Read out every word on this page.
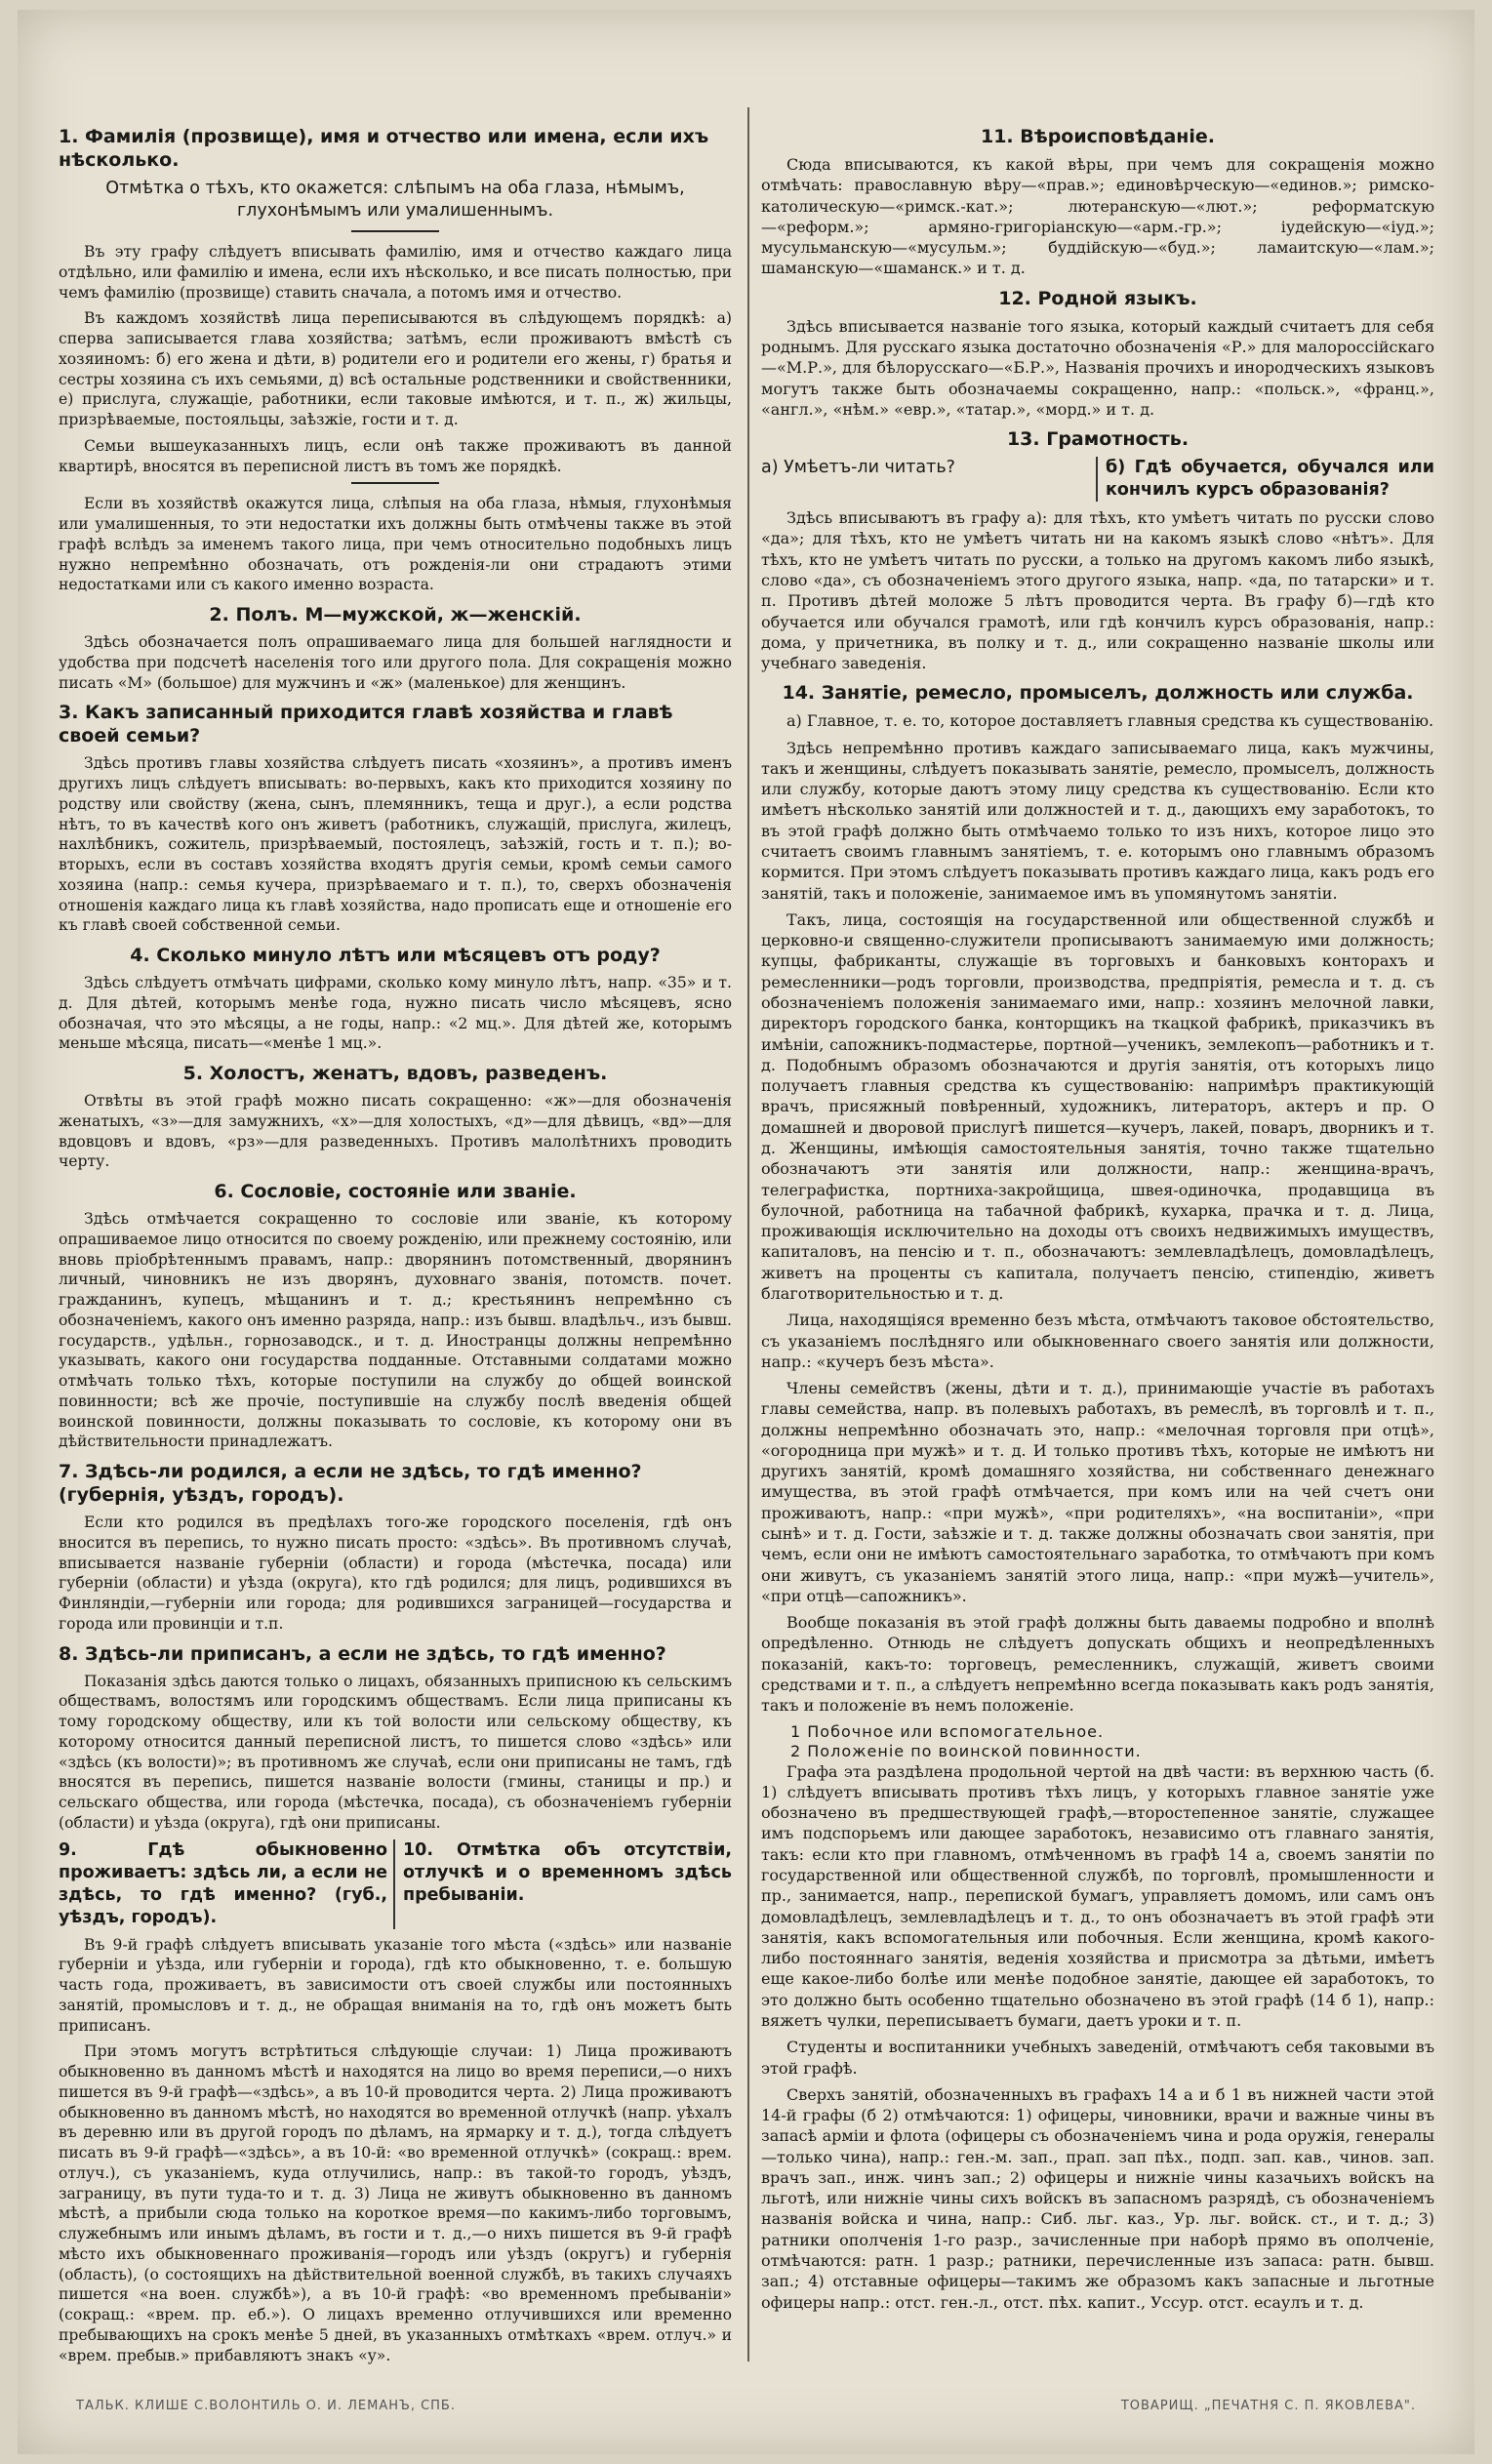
1. Фамилія (прозвище), имя и отчество или имена, если ихъ нѣсколько.
Отмѣтка о тѣхъ, кто окажется: слѣпымъ на оба глаза, нѣмымъ, глухонѣмымъ или умалишеннымъ.

Въ эту графу слѣдуетъ вписывать фамилію, имя и отчество каждаго лица отдѣльно, или фамилію и имена, если ихъ нѣсколько, и все писать полностью, при чемъ фамилію (прозвище) ставить сначала, а потомъ имя и отчество.

Въ каждомъ хозяйствѣ лица переписываются въ слѣдующемъ порядкѣ: а) сперва записывается глава хозяйства; затѣмъ, если проживаютъ вмѣстѣ съ хозяиномъ: б) его жена и дѣти, в) родители его и родители его жены, г) братья и сестры хозяина съ ихъ семьями, д) всѣ остальные родственники и свойственники, е) прислуга, служащіе, работники, если таковые имѣются, и т. п., ж) жильцы, призрѣваемые, постояльцы, заѣзжіе, гости и т. д.

Семьи вышеуказанныхъ лицъ, если онѣ также проживаютъ въ данной квартирѣ, вносятся въ переписной листъ въ томъ же порядкѣ.

Если въ хозяйствѣ окажутся лица, слѣпыя на оба глаза, нѣмыя, глухонѣмыя или умалишенныя, то эти недостатки ихъ должны быть отмѣчены также въ этой графѣ вслѣдъ за именемъ такого лица, при чемъ относительно подобныхъ лицъ нужно непремѣнно обозначать, отъ рожденія-ли они страдаютъ этими недостатками или съ какого именно возраста.

2. Полъ. М—мужской, ж—женскій.

Здѣсь обозначается полъ опрашиваемаго лица для большей наглядности и удобства при подсчетѣ населенія того или другого пола. Для сокращенія можно писать «М» (большое) для мужчинъ и «ж» (маленькое) для женщинъ.

3. Какъ записанный приходится главѣ хозяйства и главѣ своей семьи?

Здѣсь противъ главы хозяйства слѣдуетъ писать «хозяинъ», а противъ именъ другихъ лицъ слѣдуетъ вписывать: во-первыхъ, какъ кто приходится хозяину по родству или свойству (жена, сынъ, племянникъ, теща и друг.), а если родства нѣтъ, то въ качествѣ кого онъ живетъ (работникъ, служащій, прислуга, жилецъ, нахлѣбникъ, сожитель, призрѣваемый, постоялецъ, заѣзжій, гость и т. п.); во-вторыхъ, если въ составъ хозяйства входятъ другія семьи, кромѣ семьи самого хозяина (напр.: семья кучера, призрѣваемаго и т. п.), то, сверхъ обозначенія отношенія каждаго лица къ главѣ хозяйства, надо прописать еще и отношеніе его къ главѣ своей собственной семьи.

4. Сколько минуло лѣтъ или мѣсяцевъ отъ роду?

Здѣсь слѣдуетъ отмѣчать цифрами, сколько кому минуло лѣтъ, напр. «35» и т. д. Для дѣтей, которымъ менѣе года, нужно писать число мѣсяцевъ, ясно обозначая, что это мѣсяцы, а не годы, напр.: «2 мц.». Для дѣтей же, которымъ меньше мѣсяца, писать—«менѣе 1 мц.».

5. Холостъ, женатъ, вдовъ, разведенъ.

Отвѣты въ этой графѣ можно писать сокращенно: «ж»—для обозначенія женатыхъ, «з»—для замужнихъ, «х»—для холостыхъ, «д»—для дѣвицъ, «вд»—для вдовцовъ и вдовъ, «рз»—для разведенныхъ. Противъ малолѣтнихъ проводить черту.

6. Сословіе, состояніе или званіе.

Здѣсь отмѣчается сокращенно то сословіе или званіе, къ которому опрашиваемое лицо относится по своему рожденію, или прежнему состоянію, или вновь пріобрѣтеннымъ правамъ, напр.: дворянинъ потомственный, дворянинъ личный, чиновникъ не изъ дворянъ, духовнаго званія, потомств. почет. гражданинъ, купецъ, мѣщанинъ и т. д.; крестьянинъ непремѣнно съ обозначеніемъ, какого онъ именно разряда, напр.: изъ бывш. владѣльч., изъ бывш. государств., удѣльн., горнозаводск., и т. д. Иностранцы должны непремѣнно указывать, какого они государства подданные. Отставными солдатами можно отмѣчать только тѣхъ, которые поступили на службу до общей воинской повинности; всѣ же прочіе, поступившіе на службу послѣ введенія общей воинской повинности, должны показывать то сословіе, къ которому они въ дѣйствительности принадлежатъ.

7. Здѣсь-ли родился, а если не здѣсь, то гдѣ именно? (губернія, уѣздъ, городъ).

Если кто родился въ предѣлахъ того-же городского поселенія, гдѣ онъ вносится въ перепись, то нужно писать просто: «здѣсь». Въ противномъ случаѣ, вписывается названіе губерніи (области) и города (мѣстечка, посада) или губерніи (области) и уѣзда (округа), кто гдѣ родился; для лицъ, родившихся въ Финляндіи,—губерніи или города; для родившихся заграницей—государства и города или провинціи и т.п.

8. Здѣсь-ли приписанъ, а если не здѣсь, то гдѣ именно?

Показанія здѣсь даются только о лицахъ, обязанныхъ приписною къ сельскимъ обществамъ, волостямъ или городскимъ обществамъ. Если лица приписаны къ тому городскому обществу, или къ той волости или сельскому обществу, къ которому относится данный переписной листъ, то пишется слово «здѣсь» или «здѣсь (къ волости)»; въ противномъ же случаѣ, если они приписаны не тамъ, гдѣ вносятся въ перепись, пишется названіе волости (гмины, станицы и пр.) и сельскаго общества, или города (мѣстечка, посада), съ обозначеніемъ губерніи (области) и уѣзда (округа), гдѣ они приписаны.

9. Гдѣ обыкновенно проживаетъ: здѣсь ли, а если не здѣсь, то гдѣ именно? (губ., уѣздъ, городъ).
10. Отмѣтка объ отсутствіи, отлучкѣ и о временномъ здѣсь пребываніи.

Въ 9-й графѣ слѣдуетъ вписывать указаніе того мѣста («здѣсь» или названіе губерніи и уѣзда, или губерніи и города), гдѣ кто обыкновенно, т. е. большую часть года, проживаетъ, въ зависимости отъ своей службы или постоянныхъ занятій, промысловъ и т. д., не обращая вниманія на то, гдѣ онъ можетъ быть приписанъ.

При этомъ могутъ встрѣтиться слѣдующіе случаи: 1) Лица проживаютъ обыкновенно въ данномъ мѣстѣ и находятся на лицо во время переписи,—о нихъ пишется въ 9-й графѣ—«здѣсь», а въ 10-й проводится черта. 2) Лица проживаютъ обыкновенно въ данномъ мѣстѣ, но находятся во временной отлучкѣ (напр. уѣхалъ въ деревню или въ другой городъ по дѣламъ, на ярмарку и т. д.), тогда слѣдуетъ писать въ 9-й графѣ—«здѣсь», а въ 10-й: «во временной отлучкѣ» (сокращ.: врем. отлуч.), съ указаніемъ, куда отлучились, напр.: въ такой-то городъ, уѣздъ, заграницу, въ пути туда-то и т. д. 3) Лица не живутъ обыкновенно въ данномъ мѣстѣ, а прибыли сюда только на короткое время—по какимъ-либо торговымъ, служебнымъ или инымъ дѣламъ, въ гости и т. д.,—о нихъ пишется въ 9-й графѣ мѣсто ихъ обыкновеннаго проживанія—городъ или уѣздъ (округъ) и губернія (область), (о состоящихъ на дѣйствительной военной службѣ, въ такихъ случаяхъ пишется «на воен. службѣ»), а въ 10-й графѣ: «во временномъ пребываніи» (сокращ.: «врем. пр. еб.»). О лицахъ временно отлучившихся или временно пребывающихъ на срокъ менѣе 5 дней, въ указанныхъ отмѣткахъ «врем. отлуч.» и «врем. пребыв.» прибавляютъ знакъ «у».

11. Вѣроисповѣданіе.

Сюда вписываются, къ какой вѣры, при чемъ для сокращенія можно отмѣчать: православную вѣру—«прав.»; единовѣрческую—«единов.»; римско-католическую—«римск.-кат.»; лютеранскую—«лют.»; реформатскую—«реформ.»; армяно-григоріанскую—«арм.-гр.»; іудейскую—«іуд.»; мусульманскую—«мусульм.»; буддійскую—«буд.»; ламаитскую—«лам.»; шаманскую—«шаманск.» и т. д.

12. Родной языкъ.

Здѣсь вписывается названіе того языка, который каждый считаетъ для себя роднымъ. Для русскаго языка достаточно обозначенія «Р.» для малороссійскаго—«М.Р.», для бѣлорусскаго—«Б.Р.», Названія прочихъ и инородческихъ языковъ могутъ также быть обозначаемы сокращенно, напр.: «польск.», «франц.», «англ.», «нѣм.» «евр.», «татар.», «морд.» и т. д.

13. Грамотность.
а) Умѣетъ-ли читать?	б) Гдѣ обучается, обучался или кончилъ курсъ образованія?

Здѣсь вписываютъ въ графу а): для тѣхъ, кто умѣетъ читать по русски слово «да»; для тѣхъ, кто не умѣетъ читать ни на какомъ языкѣ слово «нѣтъ». Для тѣхъ, кто не умѣетъ читать по русски, а только на другомъ какомъ либо языкѣ, слово «да», съ обозначеніемъ этого другого языка, напр. «да, по татарски» и т. п. Противъ дѣтей моложе 5 лѣтъ проводится черта. Въ графу б)—гдѣ кто обучается или обучался грамотѣ, или гдѣ кончилъ курсъ образованія, напр.: дома, у причетника, въ полку и т. д., или сокращенно названіе школы или учебнаго заведенія.

14. Занятіе, ремесло, промыселъ, должность или служба.

а) Главное, т. е. то, которое доставляетъ главныя средства къ существованію.

Здѣсь непремѣнно противъ каждаго записываемаго лица, какъ мужчины, такъ и женщины, слѣдуетъ показывать занятіе, ремесло, промыселъ, должность или службу, которые даютъ этому лицу средства къ существованію. Если кто имѣетъ нѣсколько занятій или должностей и т. д., дающихъ ему заработокъ, то въ этой графѣ должно быть отмѣчаемо только то изъ нихъ, которое лицо это считаетъ своимъ главнымъ занятіемъ, т. е. которымъ оно главнымъ образомъ кормится. При этомъ слѣдуетъ показывать противъ каждаго лица, какъ родъ его занятій, такъ и положеніе, занимаемое имъ въ упомянутомъ занятіи.

Такъ, лица, состоящія на государственной или общественной службѣ и церковно-и священно-служители прописываютъ занимаемую ими должность; купцы, фабриканты, служащіе въ торговыхъ и банковыхъ конторахъ и ремесленники—родъ торговли, производства, предпріятія, ремесла и т. д. съ обозначеніемъ положенія занимаемаго ими, напр.: хозяинъ мелочной лавки, директоръ городского банка, конторщикъ на ткацкой фабрикѣ, приказчикъ въ имѣніи, сапожникъ-подмастерье, портной—ученикъ, землекопъ—работникъ и т. д. Подобнымъ образомъ обозначаются и другія занятія, отъ которыхъ лицо получаетъ главныя средства къ существованію: напримѣръ практикующій врачъ, присяжный повѣренный, художникъ, литераторъ, актеръ и пр. О домашней и дворовой прислугѣ пишется—кучеръ, лакей, поваръ, дворникъ и т. д. Женщины, имѣющія самостоятельныя занятія, точно также тщательно обозначаютъ эти занятія или должности, напр.: женщина-врачъ, телеграфистка, портниха-закройщица, швея-одиночка, продавщица въ булочной, работница на табачной фабрикѣ, кухарка, прачка и т. д. Лица, проживающія исключительно на доходы отъ своихъ недвижимыхъ имуществъ, капиталовъ, на пенсію и т. п., обозначаютъ: землевладѣлецъ, домовладѣлецъ, живетъ на проценты съ капитала, получаетъ пенсію, стипендію, живетъ благотворительностью и т. д.

Лица, находящіяся временно безъ мѣста, отмѣчаютъ таковое обстоятельство, съ указаніемъ послѣдняго или обыкновеннаго своего занятія или должности, напр.: «кучеръ безъ мѣста».

Члены семействъ (жены, дѣти и т. д.), принимающіе участіе въ работахъ главы семейства, напр. въ полевыхъ работахъ, въ ремеслѣ, въ торговлѣ и т. п., должны непремѣнно обозначать это, напр.: «мелочная торговля при отцѣ», «огородница при мужѣ» и т. д. И только противъ тѣхъ, которые не имѣютъ ни другихъ занятій, кромѣ домашняго хозяйства, ни собственнаго денежнаго имущества, въ этой графѣ отмѣчается, при комъ или на чей счетъ они проживаютъ, напр.: «при мужѣ», «при родителяхъ», «на воспитаніи», «при сынѣ» и т. д. Гости, заѣзжіе и т. д. также должны обозначать свои занятія, при чемъ, если они не имѣютъ самостоятельнаго заработка, то отмѣчаютъ при комъ они живутъ, съ указаніемъ занятій этого лица, напр.: «при мужѣ—учитель», «при отцѣ—сапожникъ».

Вообще показанія въ этой графѣ должны быть даваемы подробно и вполнѣ опредѣленно. Отнюдь не слѣдуетъ допускать общихъ и неопредѣленныхъ показаній, какъ-то: торговецъ, ремесленникъ, служащій, живетъ своими средствами и т. п., а слѣдуетъ непремѣнно всегда показывать какъ родъ занятія, такъ и положеніе въ немъ положеніе.

1 Побочное или вспомогательное.
2 Положеніе по воинской повинности.

Графа эта раздѣлена продольной чертой на двѣ части: въ верхнюю часть (б. 1) слѣдуетъ вписывать противъ тѣхъ лицъ, у которыхъ главное занятіе уже обозначено въ предшествующей графѣ,—второстепенное занятіе, служащее имъ подспорьемъ или дающее заработокъ, независимо отъ главнаго занятія, такъ: если кто при главномъ, отмѣченномъ въ графѣ 14 а, своемъ занятіи по государственной или общественной службѣ, по торговлѣ, промышленности и пр., занимается, напр., перепиской бумагъ, управляетъ домомъ, или самъ онъ домовладѣлецъ, землевладѣлецъ и т. д., то онъ обозначаетъ въ этой графѣ эти занятія, какъ вспомогательныя или побочныя. Если женщина, кромѣ какого-либо постояннаго занятія, веденія хозяйства и присмотра за дѣтьми, имѣетъ еще какое-либо болѣе или менѣе подобное занятіе, дающее ей заработокъ, то это должно быть особенно тщательно обозначено въ этой графѣ (14 б 1), напр.: вяжетъ чулки, переписываетъ бумаги, даетъ уроки и т. п.

Студенты и воспитанники учебныхъ заведеній, отмѣчаютъ себя таковыми въ этой графѣ.

Сверхъ занятій, обозначенныхъ въ графахъ 14 а и б 1 въ нижней части этой 14-й графы (б 2) отмѣчаются: 1) офицеры, чиновники, врачи и важные чины въ запасѣ арміи и флота (офицеры съ обозначеніемъ чина и рода оружія, генералы—только чина), напр.: ген.-м. зап., прап. зап пѣх., подп. зап. кав., чинов. зап. врачъ зап., инж. чинъ зап.; 2) офицеры и нижніе чины казачьихъ войскъ на льготѣ, или нижніе чины сихъ войскъ въ запасномъ разрядѣ, съ обозначеніемъ названія войска и чина, напр.: Сиб. льг. каз., Ур. льг. войск. ст., и т. д.; 3) ратники ополченія 1-го разр., зачисленные при наборѣ прямо въ ополченіе, отмѣчаются: ратн. 1 разр.; ратники, перечисленные изъ запаса: ратн. бывш. зап.; 4) отставные офицеры—такимъ же образомъ какъ запасные и льготные офицеры напр.: отст. ген.-л., отст. пѣх. капит., Уссур. отст. есаулъ и т. д.

ТАЛЬК. КЛИШЕ С.ВОЛОНТИЛЬ О. И. ЛЕМАНЪ, СПБ.	ТОВАРИЩ. „ПЕЧАТНЯ С. П. ЯКОВЛЕВА".
